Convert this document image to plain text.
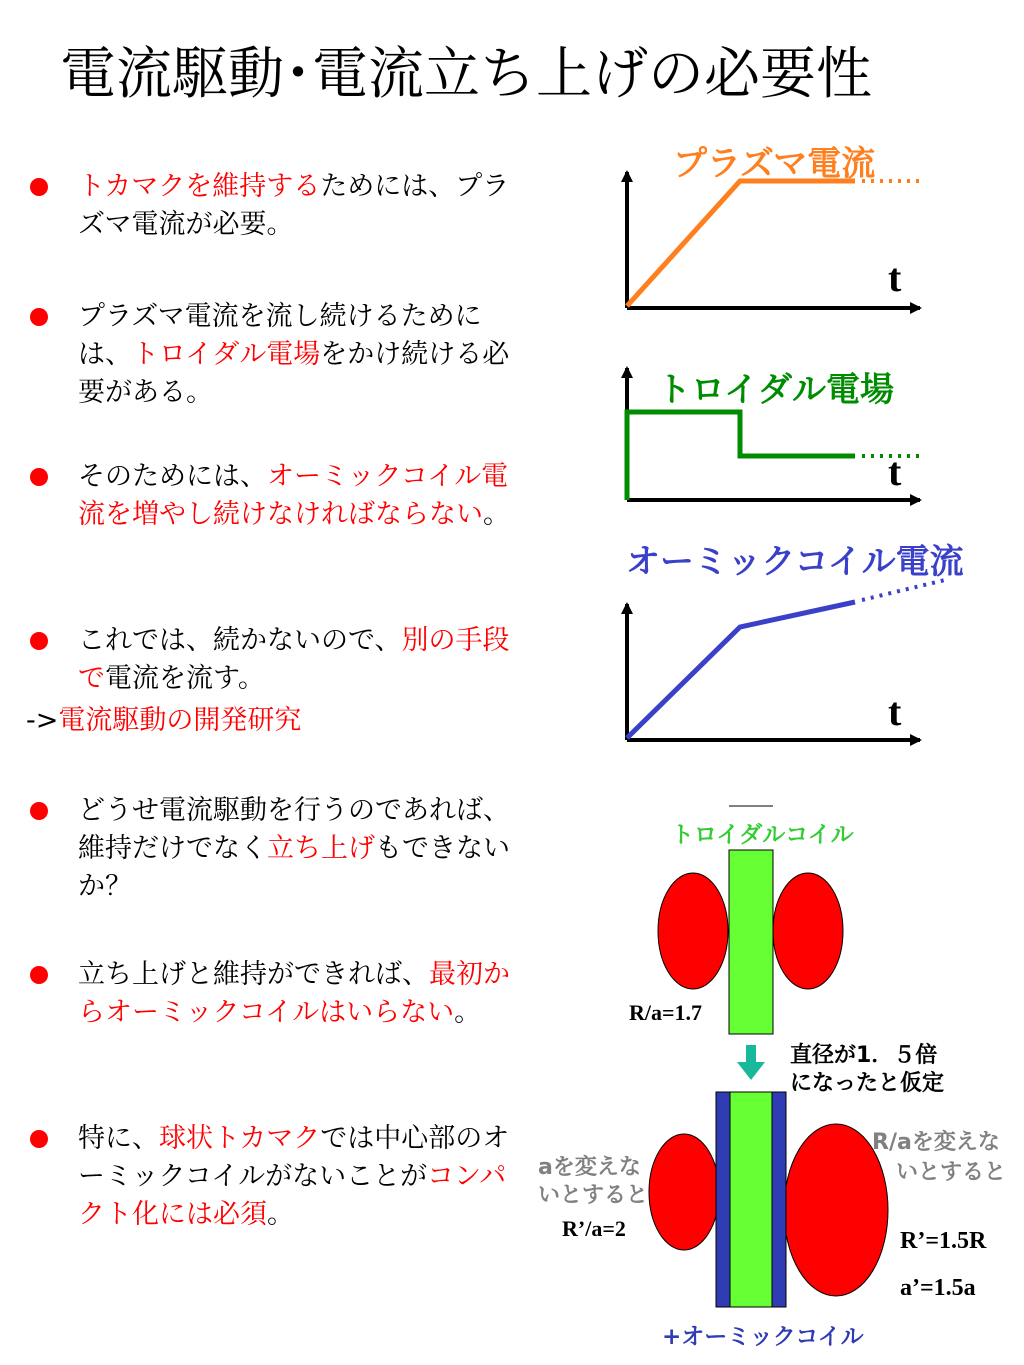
電流駆動･電流立ち上げの必要性
トカマクを維持するためには、プラズマ電流が必要。
プラズマ電流を流し続けるためには、トロイダル電場をかけ続ける必要がある。
そのためには、オーミックコイル電流を増やし続けなければならない。
これでは、続かないので、別の手段で電流を流す。
->電流駆動の開発研究
どうせ電流駆動を行うのであれば、維持だけでなく立ち上げもできないか？
立ち上げと維持ができれば、最初からオーミックコイルはいらない。
特に、球状トカマクでは中心部のオーミックコイルがないことがコンパクト化には必須。
プラズマ電流
t
トロイダル電場
t
オーミックコイル電流
t
トロイダルコイル
R/a=1.7
直径が1．５倍
になったと仮定
aを変えな
いとすると
R’/a=2
R/aを変えな
いとすると
R’=1.5R
a’=1.5a
+オーミックコイル
